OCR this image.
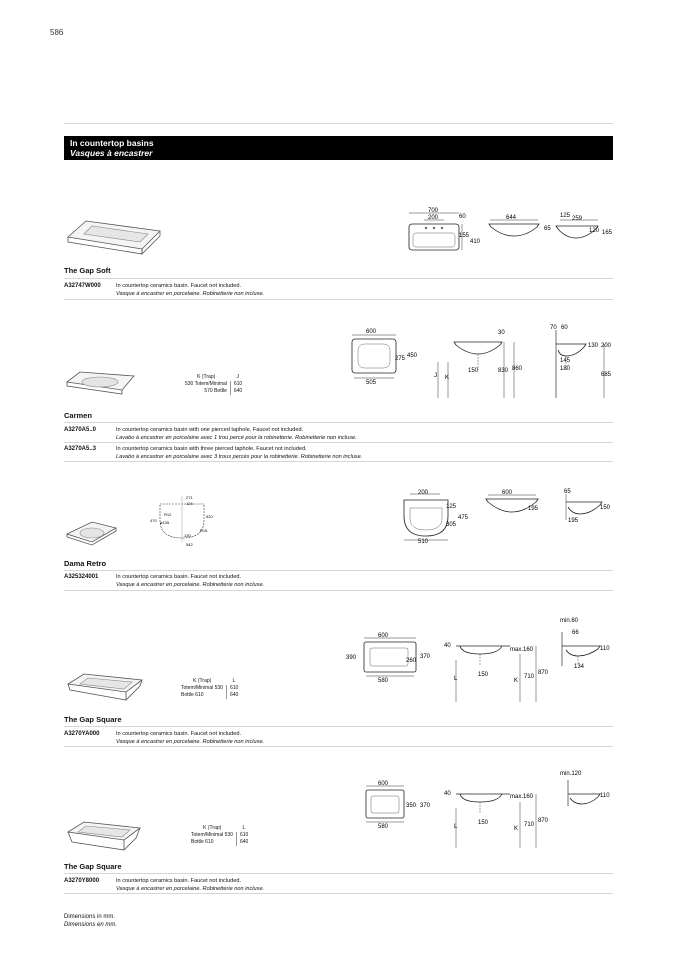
586
In countertop basins
Vasques à encastrer
700
200	60
155
410
644	125 259
65	120 165
The Gap Soft
A32747W000	In countertop ceramics basin. Faucet not included.
Vasque à encastrer en porcelaine. Robinetterie non incluse.
K (Trap)	J
530 Totem/Minimal	610
570 Bottle	640
600
275 450
505
30
150	830 860
J K
70 60
130 200
145
180
685
Carmen
A3270A5..0	In countertop ceramics basin with one pierced taphole. Faucet not included.
Lavabo à encastrer en porcelaine avec 1 trou percé pour la robinetterie. Robinetterie non incluse.
A3270A5..3	In countertop ceramics basin with three pierced taphole. Faucet not included.
Lavabo à encastrer en porcelaine avec 3 trous percés pour la robinetterie. Robinetterie non incluse.
271
124
470
R12
ø135
520
130
542
R15
200
125
475
305
510
600
195
65
150
195
Dama Retro
A325324001	In countertop ceramics basin. Faucet not included.
Vasque à encastrer en porcelaine. Robinetterie non incluse.
K (Trap)	L
Totem/Minimal 530	610
Bottle 610	640
600
390	260
370
580
40
max.160
150
L	K
710
870
min.60
66
110
134
The Gap Square
A3270YA000	In countertop ceramics basin. Faucet not included.
Vasque à encastrer en porcelaine. Robinetterie non incluse.
K (Trap)	L
Totem/Minimal 530	610
Bottle 610	640
600
350 370
580
40	max.160
150
L	K
710
870
min.120
110
The Gap Square
A3270Y8000	In countertop ceramics basin. Faucet not included.
Vasque à encastrer en porcelaine. Robinetterie non incluse.
Dimensions in mm.
Dimensions en mm.
